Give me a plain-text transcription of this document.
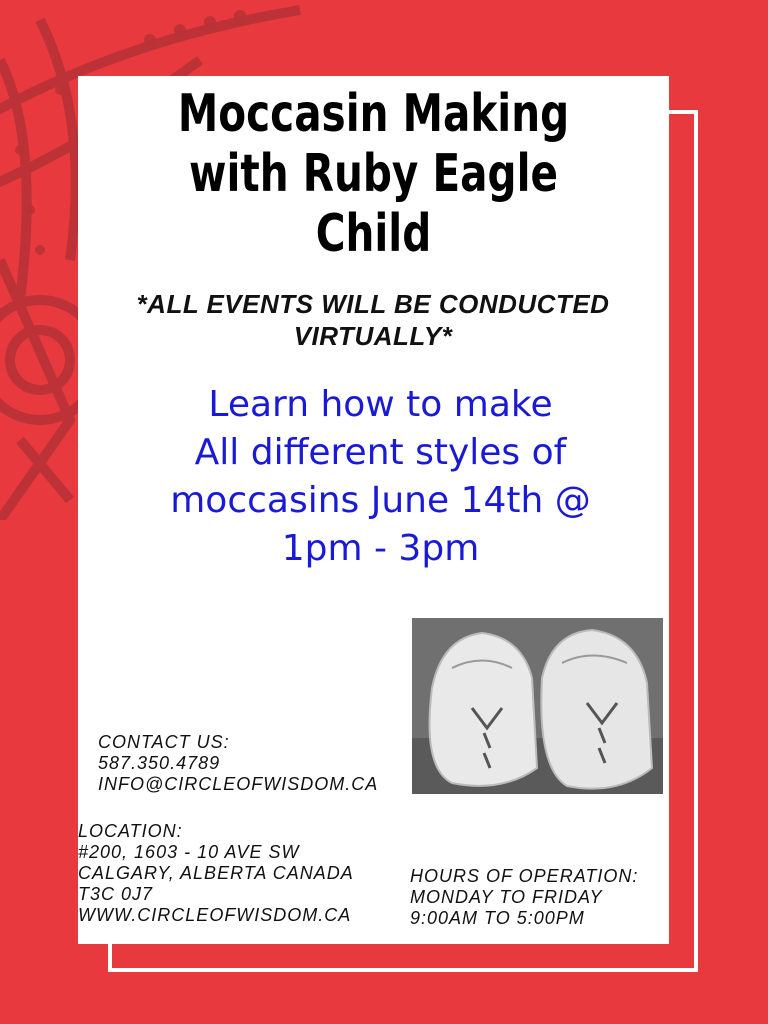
Moccasin Making
with Ruby Eagle
Child
*ALL EVENTS WILL BE CONDUCTED
VIRTUALLY*
Learn how to make
All different styles of
moccasins June 14th @
1pm - 3pm
CONTACT US:
587.350.4789
INFO@CIRCLEOFWISDOM.CA
LOCATION:
#200, 1603 - 10 AVE SW
CALGARY, ALBERTA CANADA
T3C 0J7
WWW.CIRCLEOFWISDOM.CA
HOURS OF OPERATION:
MONDAY TO FRIDAY
9:00AM TO 5:00PM
